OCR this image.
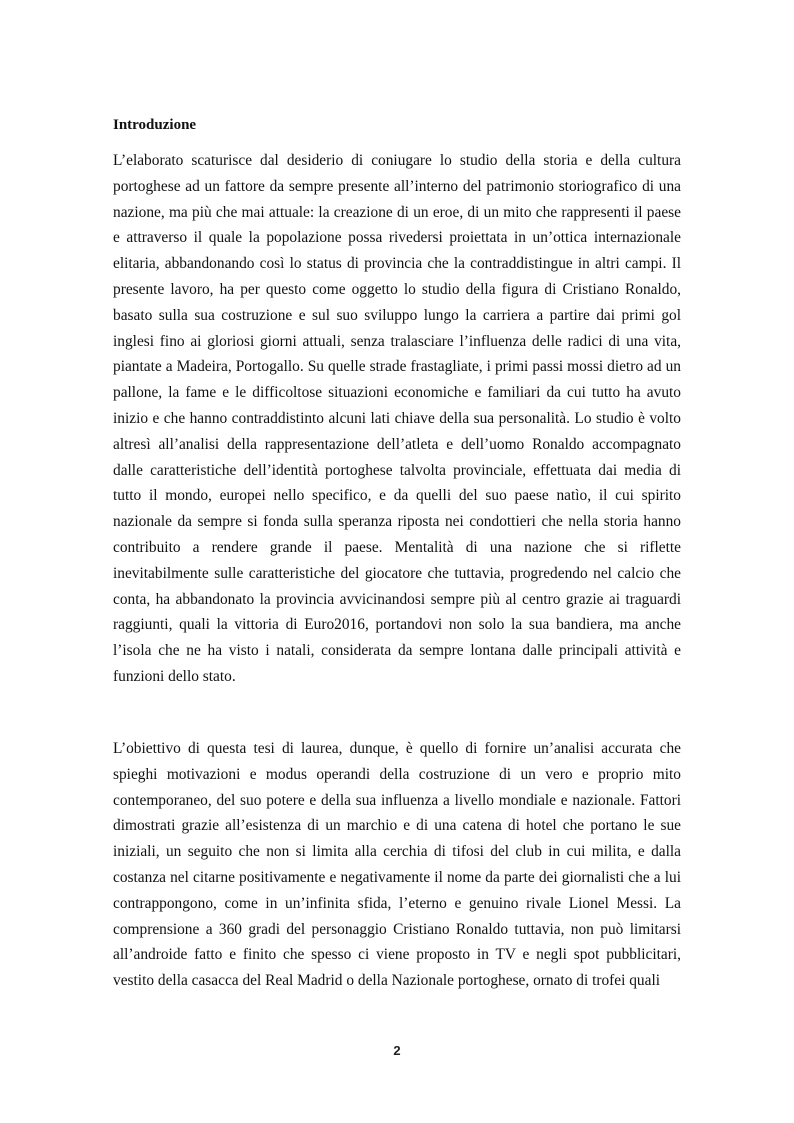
Introduzione

L’elaborato scaturisce dal desiderio di coniugare lo studio della storia e della cultura portoghese ad un fattore da sempre presente all’interno del patrimonio storiografico di una nazione, ma più che mai attuale: la creazione di un eroe, di un mito che rappresenti il paese e attraverso il quale la popolazione possa rivedersi proiettata in un’ottica internazionale elitaria, abbandonando così lo status di provincia che la contraddistingue in altri campi. Il presente lavoro, ha per questo come oggetto lo studio della figura di Cristiano Ronaldo, basato sulla sua costruzione e sul suo sviluppo lungo la carriera a partire dai primi gol inglesi fino ai gloriosi giorni attuali, senza tralasciare l’influenza delle radici di una vita, piantate a Madeira, Portogallo. Su quelle strade frastagliate, i primi passi mossi dietro ad un pallone, la fame e le difficoltose situazioni economiche e familiari da cui tutto ha avuto inizio e che hanno contraddistinto alcuni lati chiave della sua personalità. Lo studio è volto altresì all’analisi della rappresentazione dell’atleta e dell’uomo Ronaldo accompagnato dalle caratteristiche dell’identità portoghese talvolta provinciale, effettuata dai media di tutto il mondo, europei nello specifico, e da quelli del suo paese natìo, il cui spirito nazionale da sempre si fonda sulla speranza riposta nei condottieri che nella storia hanno contribuito a rendere grande il paese. Mentalità di una nazione che si riflette inevitabilmente sulle caratteristiche del giocatore che tuttavia, progredendo nel calcio che conta, ha abbandonato la provincia avvicinandosi sempre più al centro grazie ai traguardi raggiunti, quali la vittoria di Euro2016, portandovi non solo la sua bandiera, ma anche l’isola che ne ha visto i natali, considerata da sempre lontana dalle principali attività e funzioni dello stato.

L’obiettivo di questa tesi di laurea, dunque, è quello di fornire un’analisi accurata che spieghi motivazioni e modus operandi della costruzione di un vero e proprio mito contemporaneo, del suo potere e della sua influenza a livello mondiale e nazionale. Fattori dimostrati grazie all’esistenza di un marchio e di una catena di hotel che portano le sue iniziali, un seguito che non si limita alla cerchia di tifosi del club in cui milita, e dalla costanza nel citarne positivamente e negativamente il nome da parte dei giornalisti che a lui contrappongono, come in un’infinita sfida, l’eterno e genuino rivale Lionel Messi. La comprensione a 360 gradi del personaggio Cristiano Ronaldo tuttavia, non può limitarsi all’androide fatto e finito che spesso ci viene proposto in TV e negli spot pubblicitari, vestito della casacca del Real Madrid o della Nazionale portoghese, ornato di trofei quali

2
